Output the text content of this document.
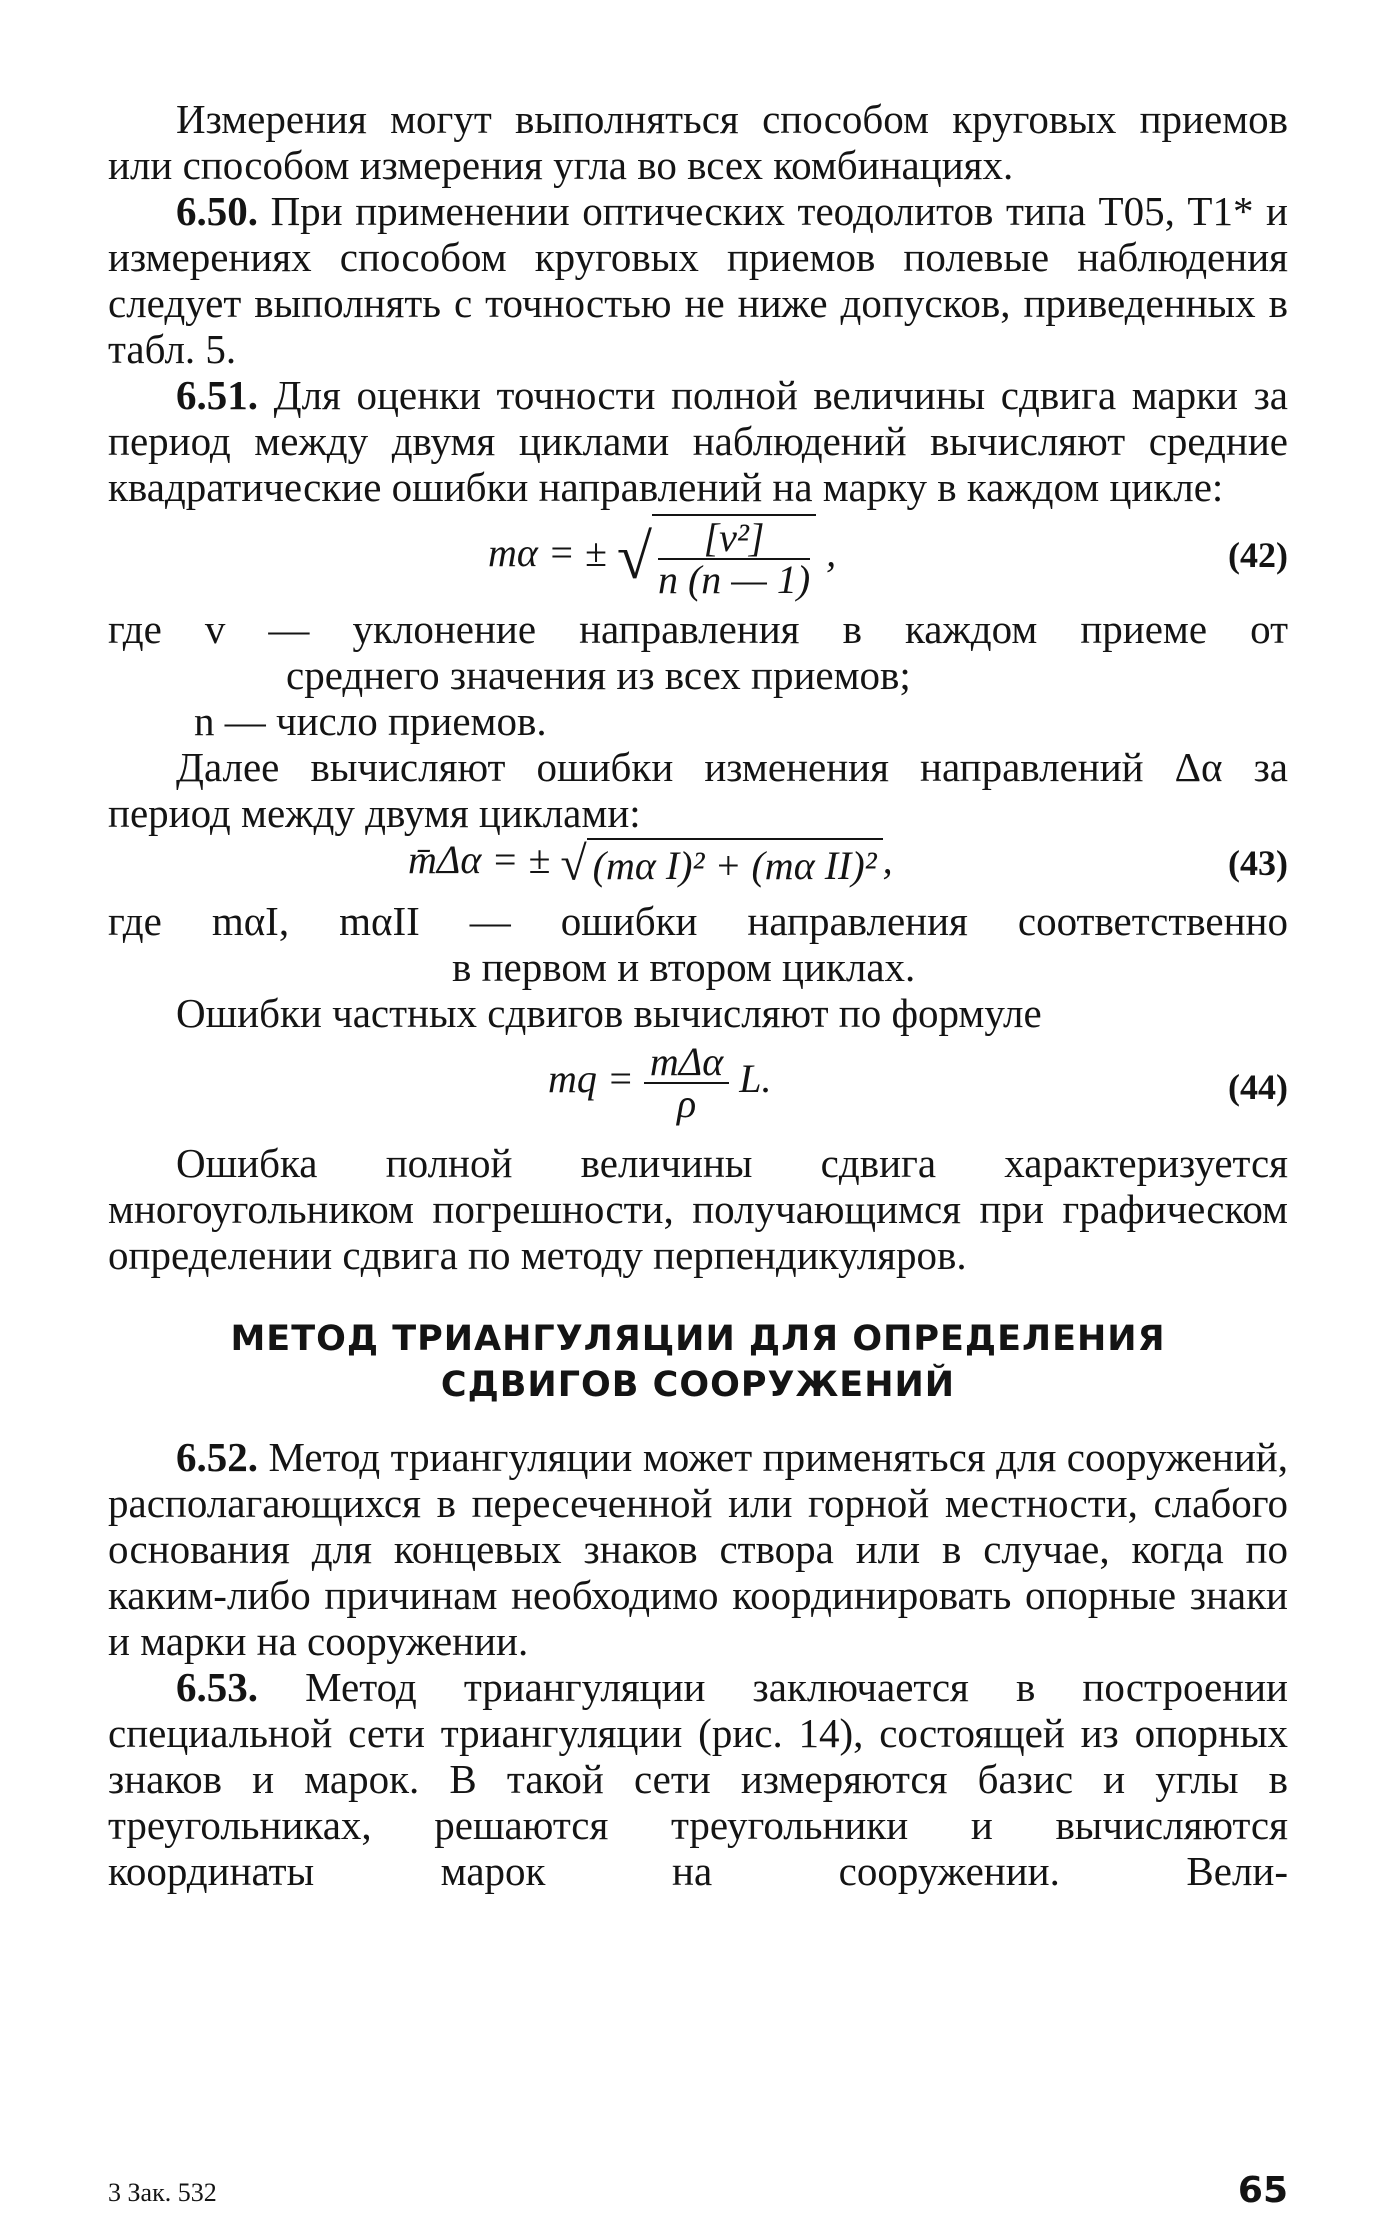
Измерения могут выполняться способом круговых приемов или способом измерения угла во всех комбинациях.

6.50. При применении оптических теодолитов типа Т05, Т1* и измерениях способом круговых приемов полевые наблюдения следует выполнять с точностью не ниже допусков, приведенных в табл. 5.

6.51. Для оценки точности полной величины сдвига марки за период между двумя циклами наблюдений вычисляют средние квадратические ошибки направлений на марку в каждом цикле:

mα = ± √ $\frac{\text{[v²]}}{n (n — 1)}$ ,	(42)

где v — уклонение направления в каждом приеме от

среднего значения из всех приемов;

n — число приемов.

Далее вычисляют ошибки изменения направлений Δα за период между двумя циклами:

m̄Δα = ± √ (mα I)² + (mα II)² ,	(43)

где mαI, mαII — ошибки направления соответственно

в первом и втором циклах.

Ошибки частных сдвигов вычисляют по формуле

mq = $\frac{\text{mΔα}}{\rho} L$.	(44)

Ошибка полной величины сдвига характеризуется многоугольником погрешности, получающимся при графическом определении сдвига по методу перпендикуляров.

МЕТОД ТРИАНГУЛЯЦИИ ДЛЯ ОПРЕДЕЛЕНИЯ
СДВИГОВ СООРУЖЕНИЙ

6.52. Метод триангуляции может применяться для сооружений, располагающихся в пересеченной или горной местности, слабого основания для концевых знаков створа или в случае, когда по каким-либо причинам необходимо координировать опорные знаки и марки на сооружении.

6.53. Метод триангуляции заключается в построении специальной сети триангуляции (рис. 14), состоящей из опорных знаков и марок. В такой сети измеряются базис и углы в треугольниках, решаются треугольники и вычисляются координаты марок на сооружении. Вели-

3 Зак. 532	65
